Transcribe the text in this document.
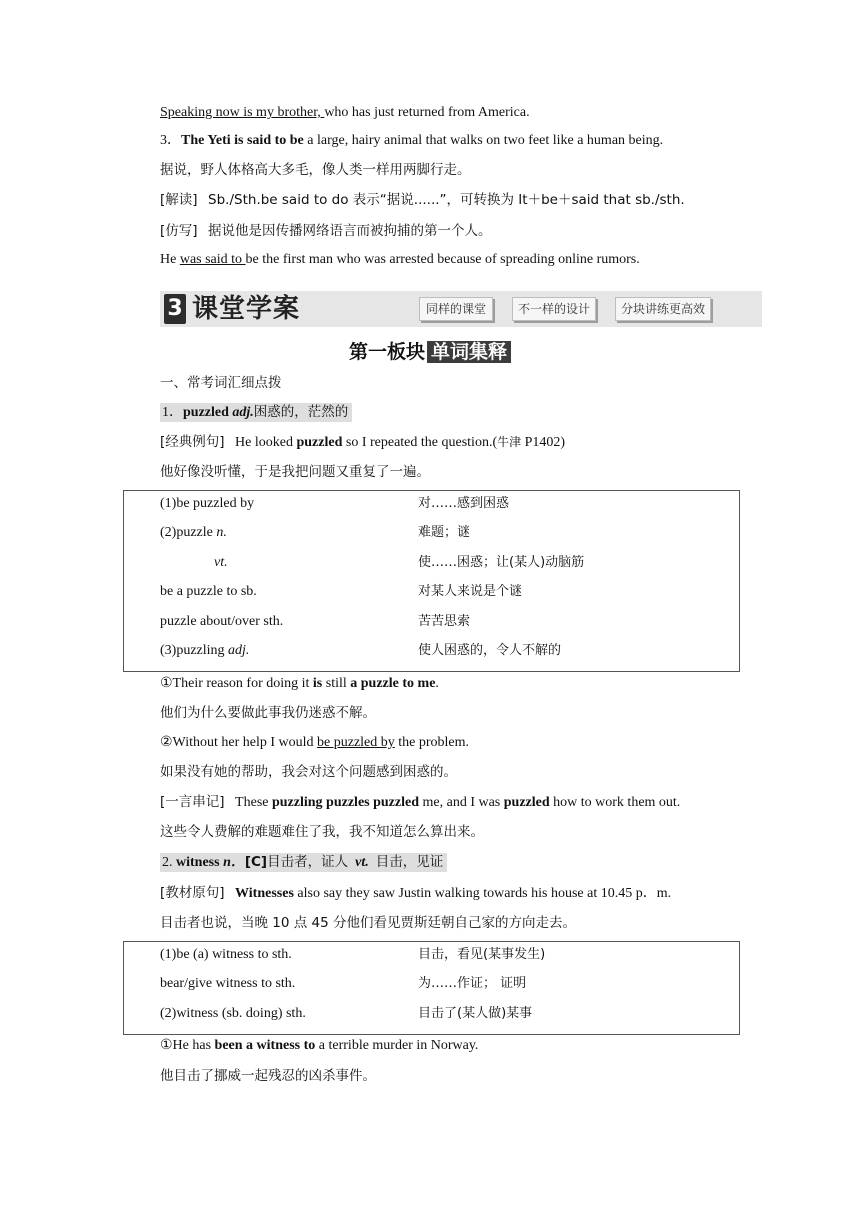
Speaking now is my brother, who has just returned from America.
3．The Yeti is said to be a large, hairy animal that walks on two feet like a human being.
据说，野人体格高大多毛，像人类一样用两脚行走。
[解读] Sb./Sth.be said to do 表示“据说......”，可转换为 It＋be＋said that sb./sth.
[仿写] 据说他是因传播网络语言而被拘捕的第一个人。
He was said to be the first man who was arrested because of spreading online rumors.
3 课堂学案	同样的课堂	不一样的设计	分块讲练更高效
第一板块 单词集释
一、常考词汇细点拨
1．puzzled adj.困惑的，茫然的
[经典例句] He looked puzzled so I repeated the question.(牛津 P1402)
他好像没听懂，于是我把问题又重复了一遍。
(1)be puzzled by	对……感到困惑
(2)puzzle n.	难题；谜
vt.	使……困惑；让(某人)动脑筋
be a puzzle to sb.	对某人来说是个谜
puzzle about/over sth.	苦苦思索
(3)puzzling adj.	使人困惑的，令人不解的
①Their reason for doing it is still a puzzle to me.
他们为什么要做此事我仍迷惑不解。
②Without her help I would be puzzled by the problem.
如果没有她的帮助，我会对这个问题感到困惑的。
[一言串记] These puzzling puzzles puzzled me, and I was puzzled how to work them out.
这些令人费解的难题难住了我，我不知道怎么算出来。
2. witness n．[C]目击者，证人 vt. 目击，见证
[教材原句] Witnesses also say they saw Justin walking towards his house at 10.45 p．m.
目击者也说，当晚 10 点 45 分他们看见贾斯廷朝自己家的方向走去。
(1)be (a) witness to sth.	目击，看见(某事发生)
bear/give witness to sth.	为……作证； 证明
(2)witness (sb. doing) sth.	目击了(某人做)某事
①He has been a witness to a terrible murder in Norway.
他目击了挪威一起残忍的凶杀事件。
